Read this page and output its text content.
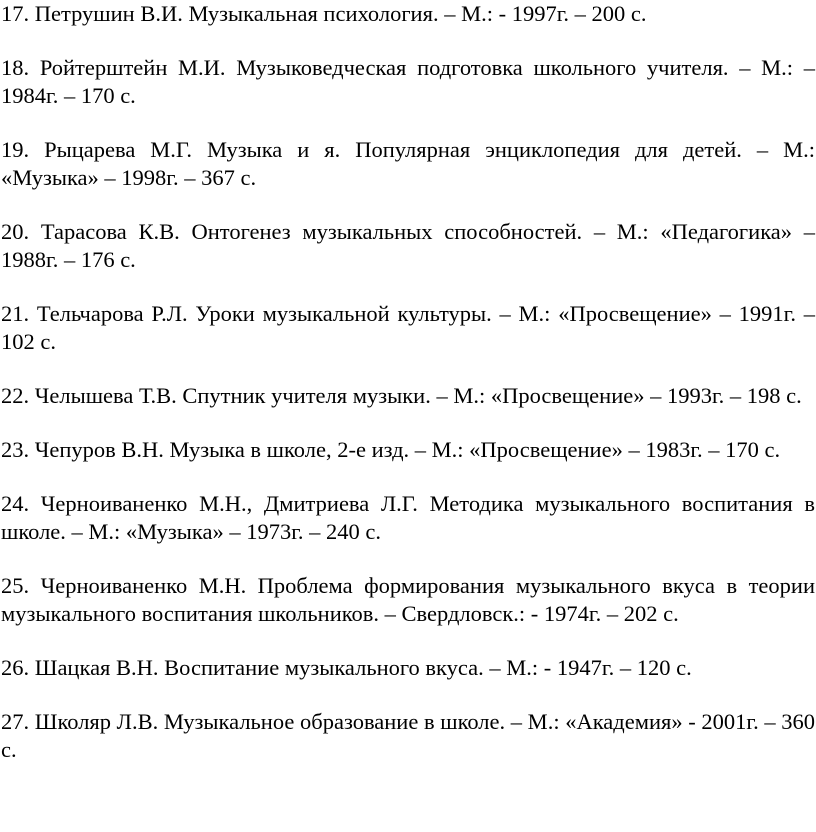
17. Петрушин В.И. Музыкальная психология. – М.: - 1997г. – 200 с.

18. Ройтерштейн М.И. Музыковедческая подготовка школьного учителя. – М.: – 1984г. – 170 с.

19. Рыцарева М.Г. Музыка и я. Популярная энциклопедия для детей. – М.: «Музыка» – 1998г. – 367 с.

20. Тарасова К.В. Онтогенез музыкальных способностей. – М.: «Педагогика» – 1988г. – 176 с.

21. Тельчарова Р.Л. Уроки музыкальной культуры. – М.: «Просвещение» – 1991г. – 102 с.

22. Челышева Т.В. Спутник учителя музыки. – М.: «Просвещение» – 1993г. – 198 с.

23. Чепуров В.Н. Музыка в школе, 2-е изд. – М.: «Просвещение» – 1983г. – 170 с.

24. Черноиваненко М.Н., Дмитриева Л.Г. Методика музыкального воспитания в школе. – М.: «Музыка» – 1973г. – 240 с.

25. Черноиваненко М.Н. Проблема формирования музыкального вкуса в теории музыкального воспитания школьников. – Свердловск.: - 1974г. – 202 с.

26. Шацкая В.Н. Воспитание музыкального вкуса. – М.: - 1947г. – 120 с.

27. Школяр Л.В. Музыкальное образование в школе. – М.: «Академия» - 2001г. – 360 с.
